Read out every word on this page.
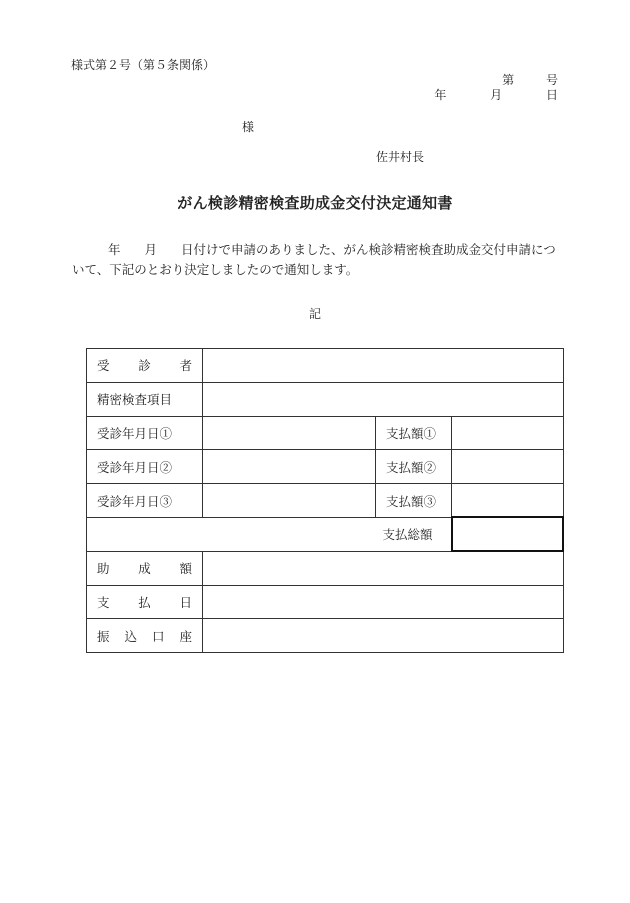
様式第２号（第５条関係）
第 号
年 月 日
様
佐井村長
がん検診精密検査助成金交付決定通知書
年 月 日付けで申請のありました、がん検診精密検査助成金交付申請について、下記のとおり決定しましたので通知します。
記
受　　診　　者			
精密検査項目			
受診年月日①		支払額①	
受診年月日②		支払額②	
受診年月日③		支払額③	
支払総額			
助　　成　　額			
支　　払　　日			
振　込　口　座			
